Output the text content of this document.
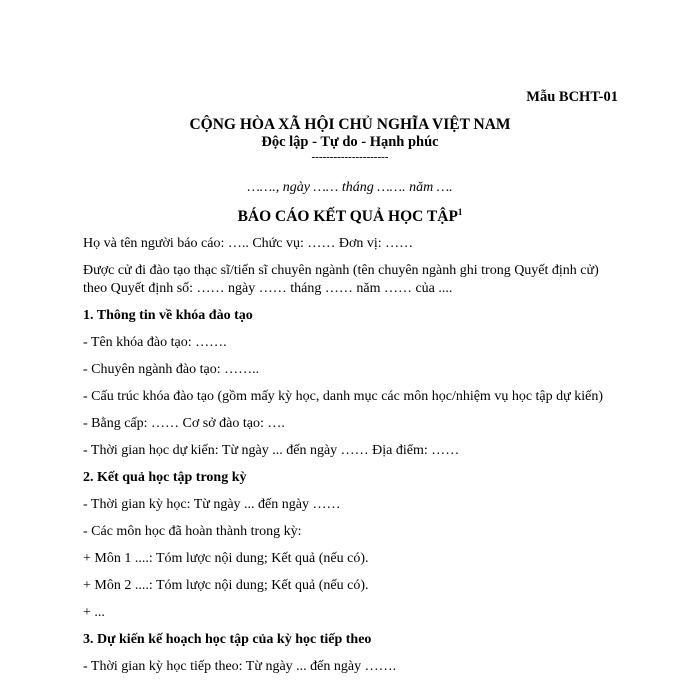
Mẫu BCHT-01
CỘNG HÒA XÃ HỘI CHỦ NGHĨA VIỆT NAM
Độc lập - Tự do - Hạnh phúc
---------------------
……., ngày …… tháng ……. năm ….
BÁO CÁO KẾT QUẢ HỌC TẬP$^1$

Họ và tên người báo cáo: ….. Chức vụ: …… Đơn vị: ……

Được cử đi đào tạo thạc sĩ/tiến sĩ chuyên ngành (tên chuyên ngành ghi trong Quyết định cử) theo Quyết định số: …… ngày …… tháng …… năm …… của ....

1. Thông tin về khóa đào tạo

- Tên khóa đào tạo: …….

- Chuyên ngành đào tạo: ……..

- Cấu trúc khóa đào tạo (gồm mấy kỳ học, danh mục các môn học/nhiệm vụ học tập dự kiến)

- Bằng cấp: …… Cơ sở đào tạo: ….

- Thời gian học dự kiến: Từ ngày ... đến ngày …… Địa điểm: ……

2. Kết quả học tập trong kỳ

- Thời gian kỳ học: Từ ngày ... đến ngày ……

- Các môn học đã hoàn thành trong kỳ:

+ Môn 1 ....: Tóm lược nội dung; Kết quả (nếu có).

+ Môn 2 ....: Tóm lược nội dung; Kết quả (nếu có).

+ ...

3. Dự kiến kế hoạch học tập của kỳ học tiếp theo

- Thời gian kỳ học tiếp theo: Từ ngày ... đến ngày …….
